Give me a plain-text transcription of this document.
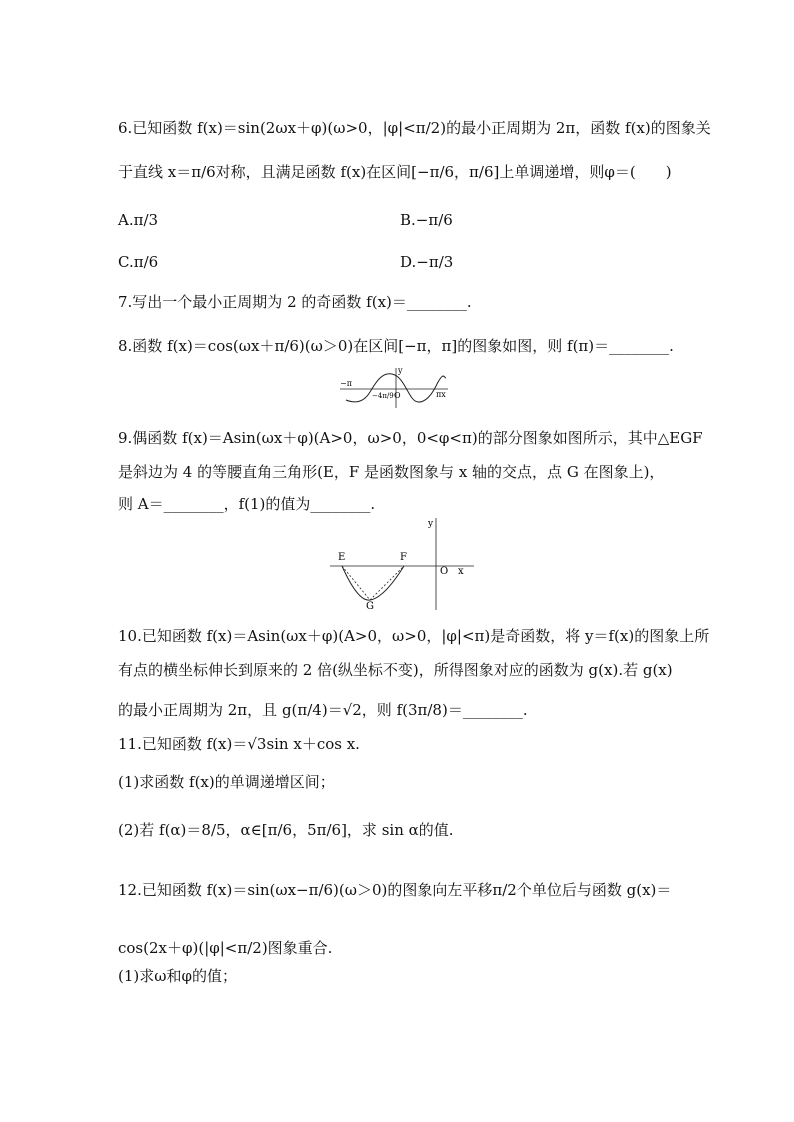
6.已知函数 f(x)＝sin(2ωx＋φ)(ω>0，|φ|<π/2)的最小正周期为 2π，函数 f(x)的图象关
于直线 x＝π/6对称，且满足函数 f(x)在区间[−π/6，π/6]上单调递增，则φ＝(　　)
A.π/3	B.−π/6
C.π/6	D.−π/3
7.写出一个最小正周期为 2 的奇函数 f(x)＝________.
8.函数 f(x)＝cos(ωx＋π/6)(ω＞0)在区间[−π，π]的图象如图，则 f(π)＝________.
−π
πx
y
O
−4π/9
9.偶函数 f(x)＝Asin(ωx＋φ)(A>0，ω>0，0<φ<π)的部分图象如图所示，其中△EGF
是斜边为 4 的等腰直角三角形(E，F 是函数图象与 x 轴的交点，点 G 在图象上)，
则 A＝________，f(1)的值为________.
E	F
G
O x
y
10.已知函数 f(x)＝Asin(ωx＋φ)(A>0，ω>0，|φ|<π)是奇函数，将 y＝f(x)的图象上所
有点的横坐标伸长到原来的 2 倍(纵坐标不变)，所得图象对应的函数为 g(x).若 g(x)
的最小正周期为 2π，且 g(π/4)＝√2，则 f(3π/8)＝________.
11.已知函数 f(x)＝√3sin x＋cos x.
(1)求函数 f(x)的单调递增区间；
(2)若 f(α)＝8/5，α∈[π/6，5π/6]，求 sin α的值.
12.已知函数 f(x)＝sin(ωx−π/6)(ω＞0)的图象向左平移π/2个单位后与函数 g(x)＝
cos(2x＋φ)(|φ|<π/2)图象重合.
(1)求ω和φ的值；
